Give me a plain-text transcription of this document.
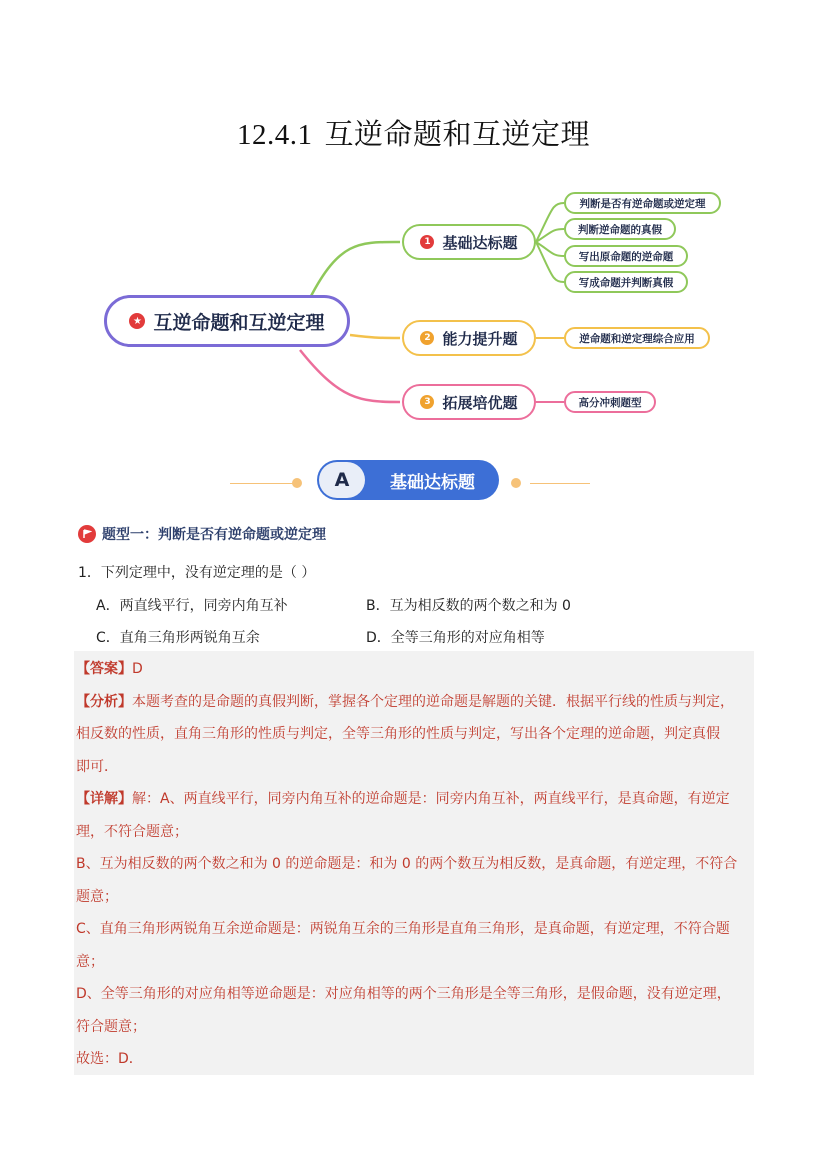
12.4.1 互逆命题和互逆定理
★ 互逆命题和互逆定理
1 基础达标题
2 能力提升题
3 拓展培优题
判断是否有逆命题或逆定理
判断逆命题的真假
写出原命题的逆命题
写成命题并判断真假
逆命题和逆定理综合应用
高分冲刺题型
A	基础达标题
题型一：判断是否有逆命题或逆定理
1．下列定理中，没有逆定理的是（ ）
A．两直线平行，同旁内角互补	B．互为相反数的两个数之和为 0
C．直角三角形两锐角互余	D．全等三角形的对应角相等
【答案】D
【分析】本题考查的是命题的真假判断，掌握各个定理的逆命题是解题的关键．根据平行线的性质与判定，
相反数的性质，直角三角形的性质与判定，全等三角形的性质与判定，写出各个定理的逆命题，判定真假
即可．
【详解】解：A、两直线平行，同旁内角互补的逆命题是：同旁内角互补，两直线平行，是真命题，有逆定
理，不符合题意；
B、互为相反数的两个数之和为 0 的逆命题是：和为 0 的两个数互为相反数，是真命题，有逆定理，不符合
题意；
C、直角三角形两锐角互余逆命题是：两锐角互余的三角形是直角三角形，是真命题，有逆定理，不符合题
意；
D、全等三角形的对应角相等逆命题是：对应角相等的两个三角形是全等三角形，是假命题，没有逆定理，
符合题意；
故选：D．
